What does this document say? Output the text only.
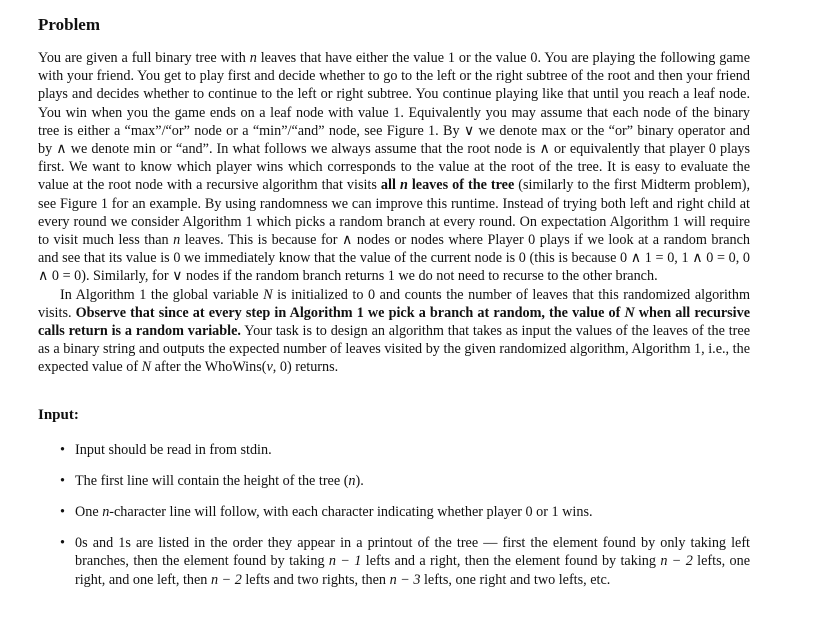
Problem

You are given a full binary tree with n leaves that have either the value 1 or the value 0. You are playing the following game with your friend. You get to play first and decide whether to go to the left or the right subtree of the root and then your friend plays and decides whether to continue to the left or right subtree. You continue playing like that until you reach a leaf node. You win when you the game ends on a leaf node with value 1. Equivalently you may assume that each node of the binary tree is either a “max”/“or” node or a “min”/“and” node, see Figure 1. By ∨ we denote max or the “or” binary operator and by ∧ we denote min or “and”. In what follows we always assume that the root node is ∧ or equivalently that player 0 plays first. We want to know which player wins which corresponds to the value at the root of the tree. It is easy to evaluate the value at the root node with a recursive algorithm that visits all n leaves of the tree (similarly to the first Midterm problem), see Figure 1 for an example. By using randomness we can improve this runtime. Instead of trying both left and right child at every round we consider Algorithm 1 which picks a random branch at every round. On expectation Algorithm 1 will require to visit much less than n leaves. This is because for ∧ nodes or nodes where Player 0 plays if we look at a random branch and see that its value is 0 we immediately know that the value of the current node is 0 (this is because 0 ∧ 1 = 0, 1 ∧ 0 = 0, 0 ∧ 0 = 0). Similarly, for ∨ nodes if the random branch returns 1 we do not need to recurse to the other branch.

In Algorithm 1 the global variable N is initialized to 0 and counts the number of leaves that this randomized algorithm visits. Observe that since at every step in Algorithm 1 we pick a branch at random, the value of N when all recursive calls return is a random variable. Your task is to design an algorithm that takes as input the values of the leaves of the tree as a binary string and outputs the expected number of leaves visited by the given randomized algorithm, Algorithm 1, i.e., the expected value of N after the WhoWins(v, 0) returns.

Input:
• Input should be read in from stdin.
• The first line will contain the height of the tree (n).
• One n-character line will follow, with each character indicating whether player 0 or 1 wins.
• 0s and 1s are listed in the order they appear in a printout of the tree — first the element found by only taking left branches, then the element found by taking n − 1 lefts and a right, then the element found by taking n − 2 lefts, one right, and one left, then n − 2 lefts and two rights, then n − 3 lefts, one right and two lefts, etc.
